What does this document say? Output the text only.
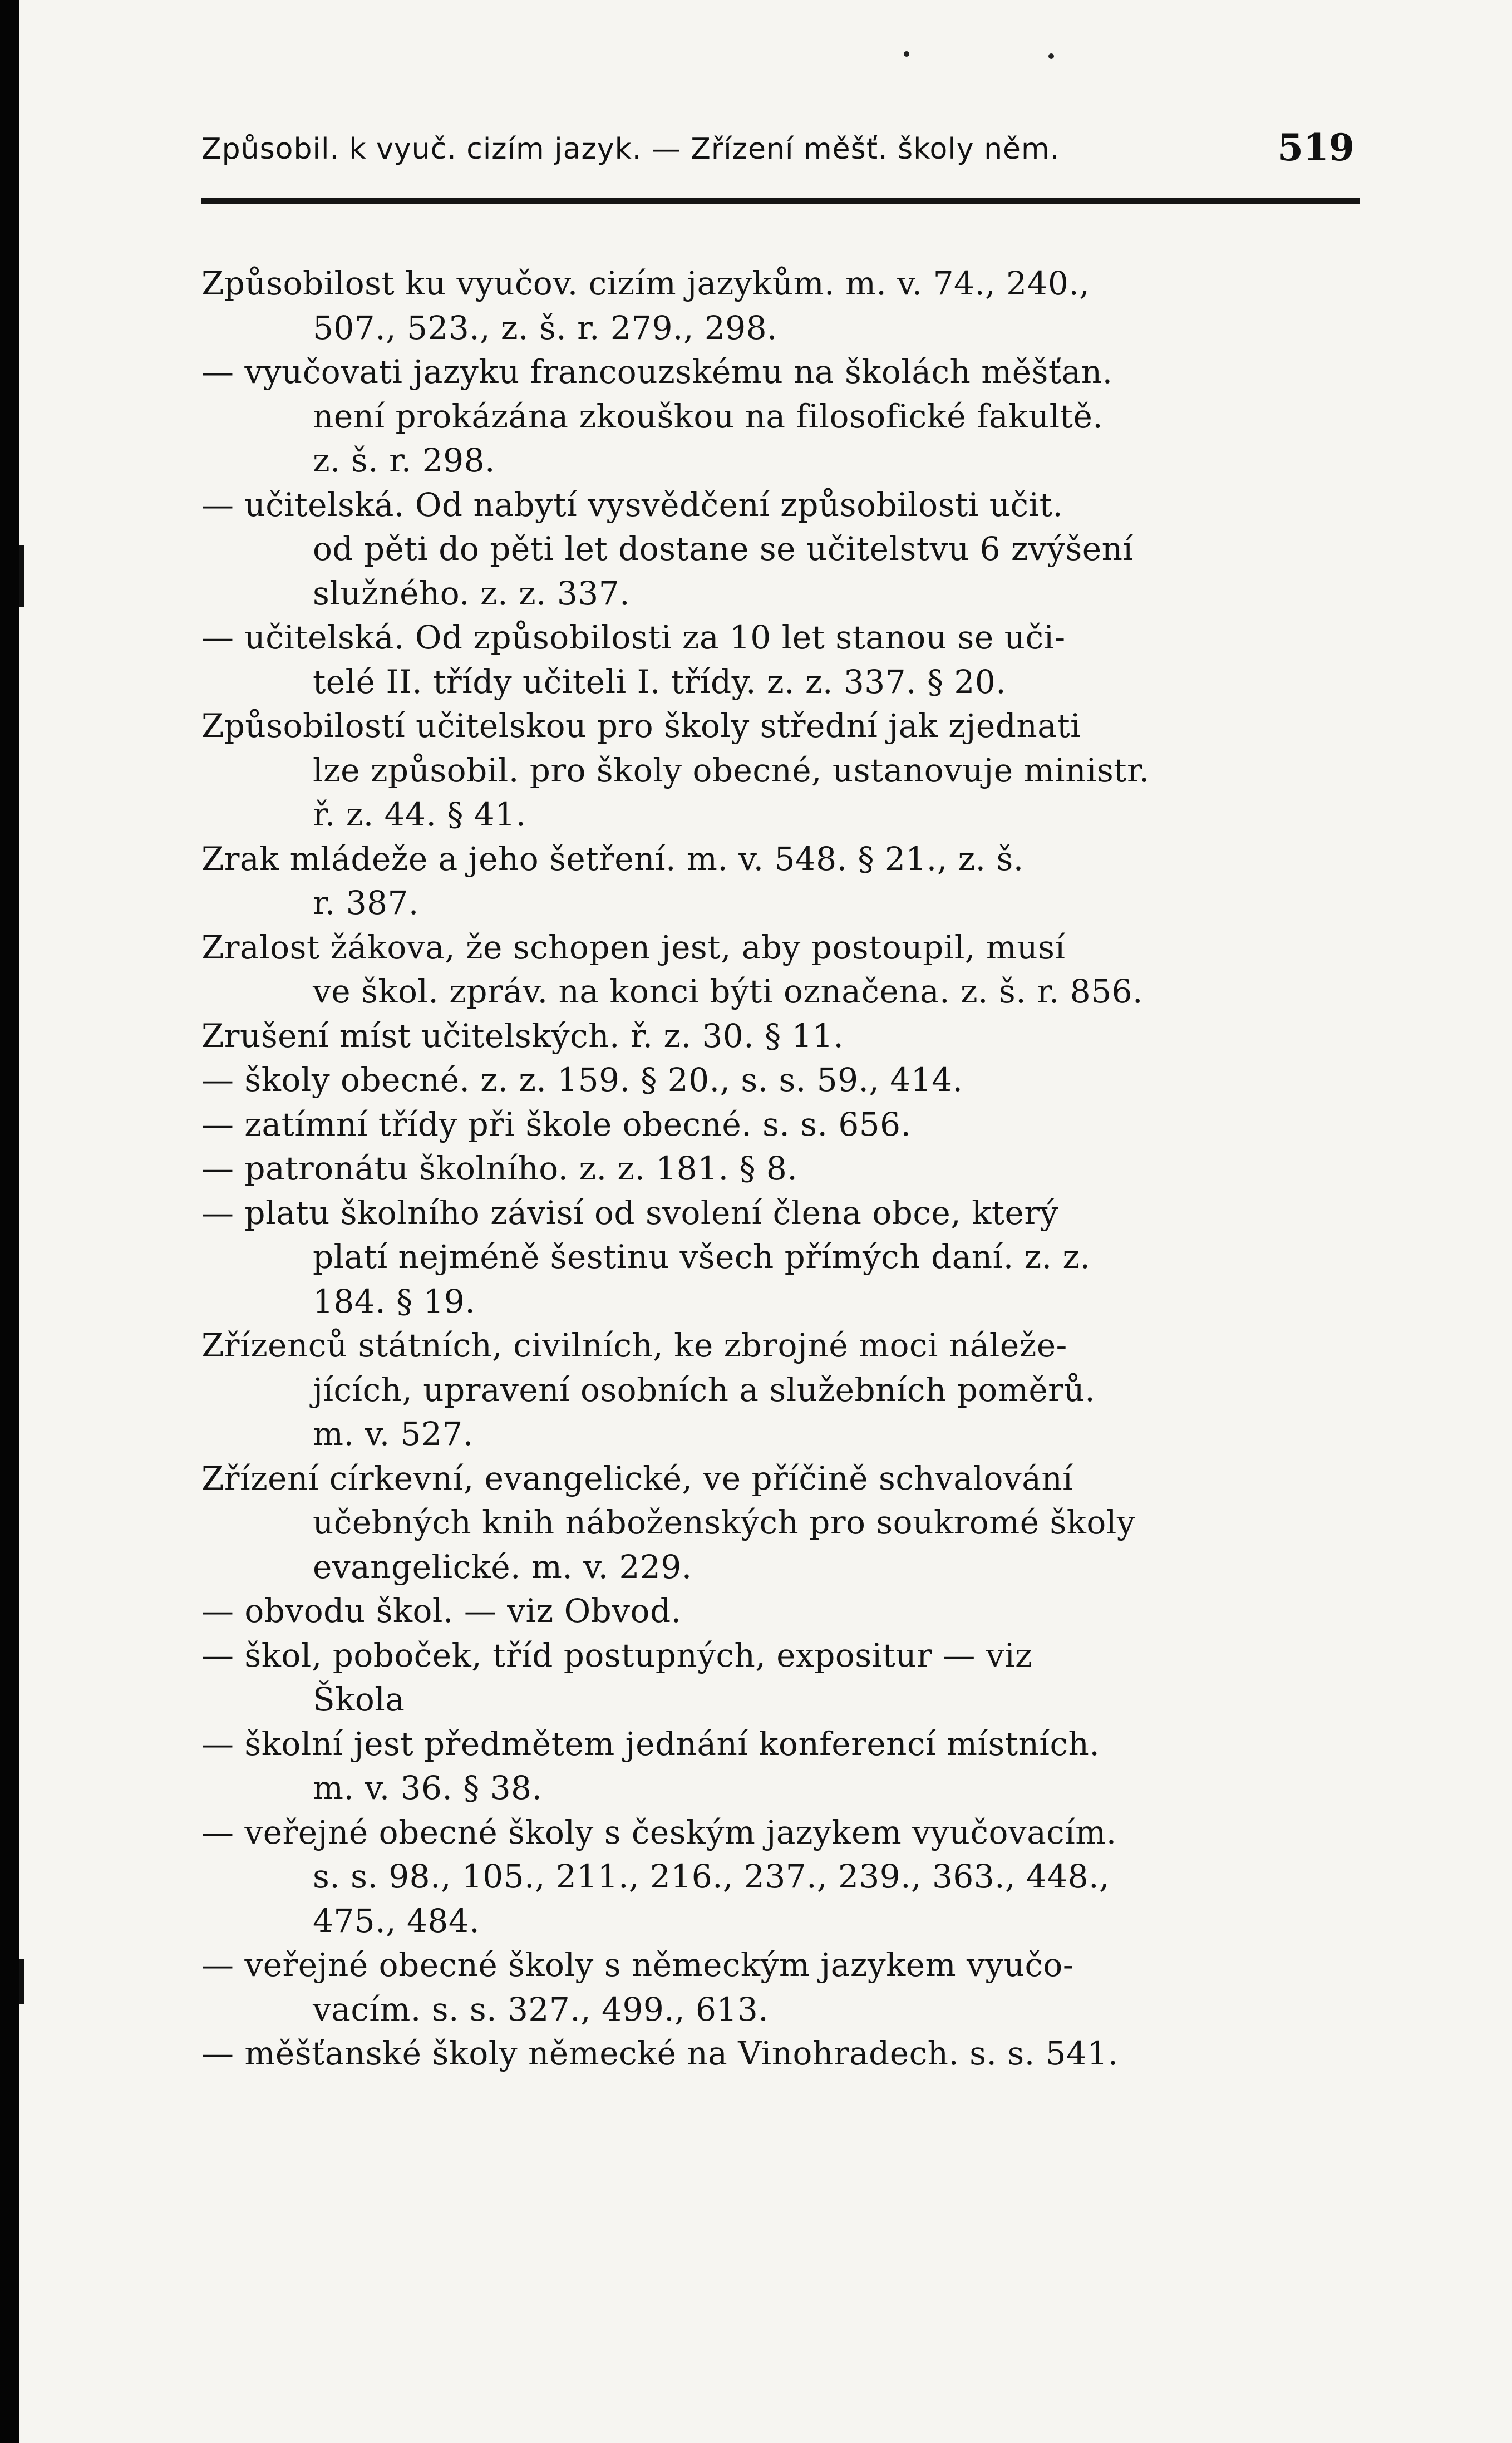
Způsobil. k vyuč. cizím jazyk. — Zřízení měšť. školy něm.	519
Způsobilost ku vyučov. cizím jazykům. m. v. 74., 240.,
507., 523., z. š. r. 279., 298.
— vyučovati jazyku francouzskému na školách měšťan.
není prokázána zkouškou na filosofické fakultě.
z. š. r. 298.
— učitelská. Od nabytí vysvědčení způsobilosti učit.
od pěti do pěti let dostane se učitelstvu 6 zvýšení
služného. z. z. 337.
— učitelská. Od způsobilosti za 10 let stanou se uči-
telé II. třídy učiteli I. třídy. z. z. 337. § 20.
Způsobilostí učitelskou pro školy střední jak zjednati
lze způsobil. pro školy obecné, ustanovuje ministr.
ř. z. 44. § 41.
Zrak mládeže a jeho šetření. m. v. 548. § 21., z. š.
r. 387.
Zralost žákova, že schopen jest, aby postoupil, musí
ve škol. zpráv. na konci býti označena. z. š. r. 856.
Zrušení míst učitelských. ř. z. 30. § 11.
— školy obecné. z. z. 159. § 20., s. s. 59., 414.
— zatímní třídy při škole obecné. s. s. 656.
— patronátu školního. z. z. 181. § 8.
— platu školního závisí od svolení člena obce, který
platí nejméně šestinu všech přímých daní. z. z.
184. § 19.
Zřízenců státních, civilních, ke zbrojné moci náleže-
jících, upravení osobních a služebních poměrů.
m. v. 527.
Zřízení církevní, evangelické, ve příčině schvalování
učebných knih náboženských pro soukromé školy
evangelické. m. v. 229.
— obvodu škol. — viz Obvod.
— škol, poboček, tříd postupných, expositur — viz
Škola
— školní jest předmětem jednání konferencí místních.
m. v. 36. § 38.
— veřejné obecné školy s českým jazykem vyučovacím.
s. s. 98., 105., 211., 216., 237., 239., 363., 448.,
475., 484.
— veřejné obecné školy s německým jazykem vyučo-
vacím. s. s. 327., 499., 613.
— měšťanské školy německé na Vinohradech. s. s. 541.
